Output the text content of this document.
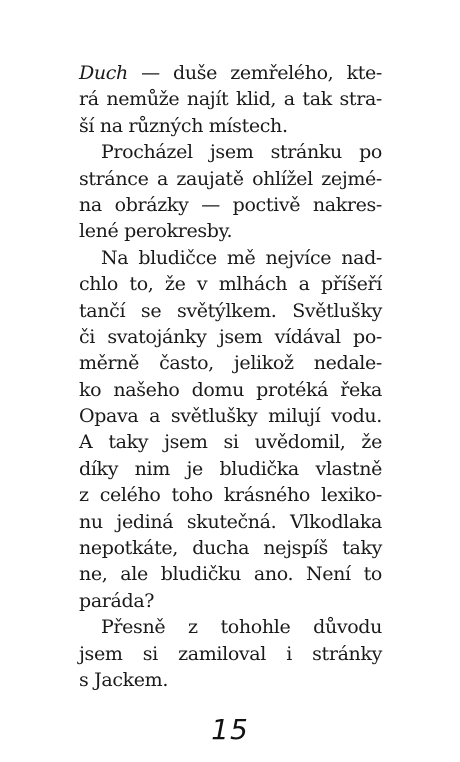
Duch — duše zemřelého, kte-
rá nemůže najít klid, a tak stra-
ší na různých místech.
Procházel jsem stránku po
stránce a zaujatě ohlížel zejmé-
na obrázky — poctivě nakres-
lené perokresby.
Na bludičce mě nejvíce nad-
chlo to, že v mlhách a příšeří
tančí se světýlkem. Světlušky
či svatojánky jsem vídával po-
měrně často, jelikož nedale-
ko našeho domu protéká řeka
Opava a světlušky milují vodu.
A taky jsem si uvědomil, že
díky nim je bludička vlastně
z celého toho krásného lexiko-
nu jediná skutečná. Vlkodlaka
nepotkáte, ducha nejspíš taky
ne, ale bludičku ano. Není to
paráda?
Přesně z tohohle důvodu
jsem si zamiloval i stránky
s Jackem.
15
